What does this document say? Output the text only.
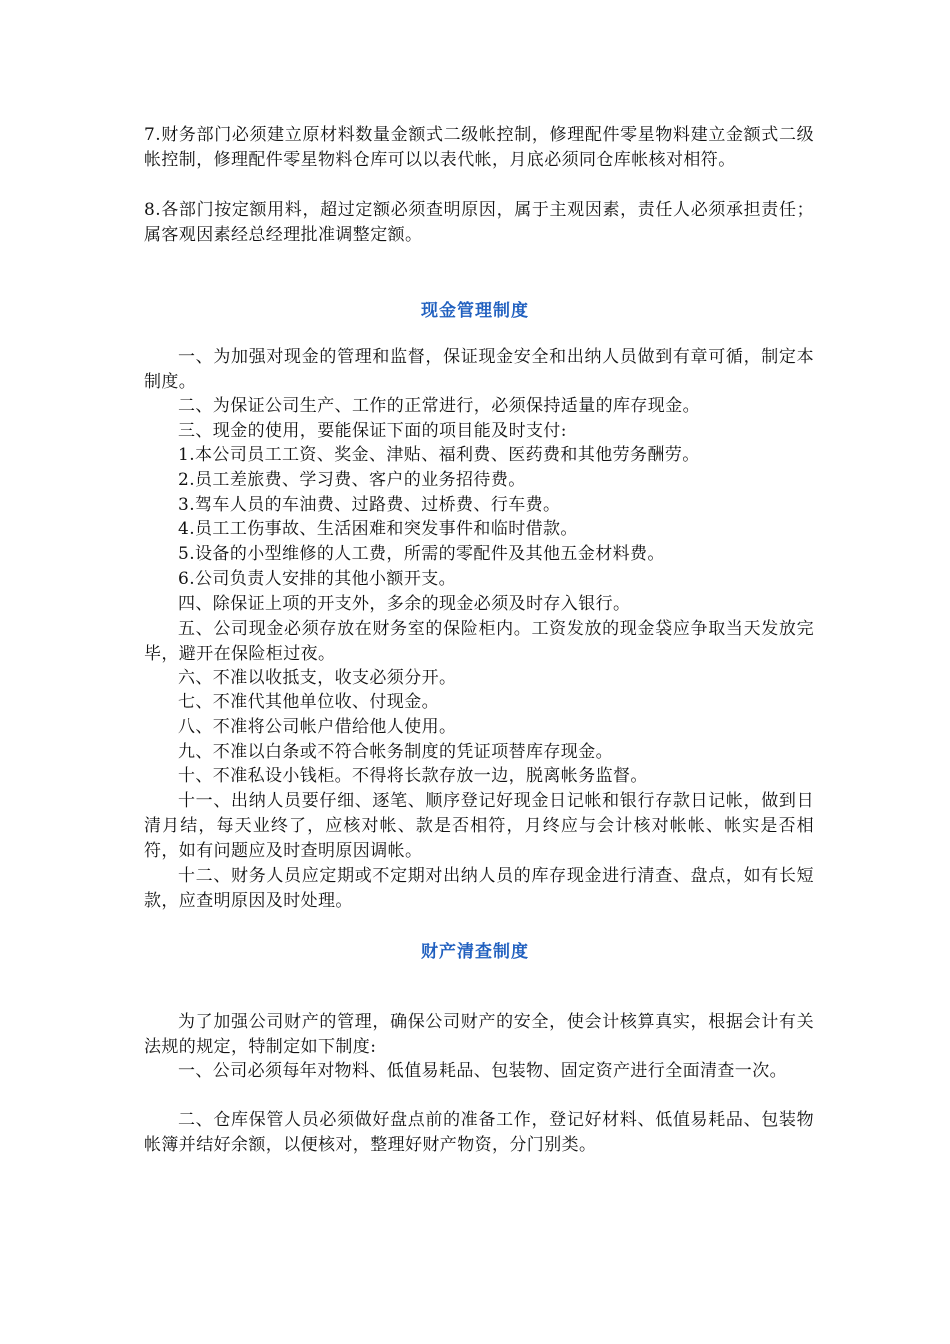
7.财务部门必须建立原材料数量金额式二级帐控制，修理配件零星物料建立金额式二级帐控制，修理配件零星物料仓库可以以表代帐，月底必须同仓库帐核对相符。

8.各部门按定额用料，超过定额必须查明原因，属于主观因素，责任人必须承担责任；属客观因素经总经理批准调整定额。

现金管理制度

一、为加强对现金的管理和监督，保证现金安全和出纳人员做到有章可循，制定本制度。

二、为保证公司生产、工作的正常进行，必须保持适量的库存现金。

三、现金的使用，要能保证下面的项目能及时支付:

1.本公司员工工资、奖金、津贴、福利费、医药费和其他劳务酬劳。

2.员工差旅费、学习费、客户的业务招待费。

3.驾车人员的车油费、过路费、过桥费、行车费。

4.员工工伤事故、生活困难和突发事件和临时借款。

5.设备的小型维修的人工费，所需的零配件及其他五金材料费。

6.公司负责人安排的其他小额开支。

四、除保证上项的开支外，多余的现金必须及时存入银行。

五、公司现金必须存放在财务室的保险柜内。工资发放的现金袋应争取当天发放完毕，避开在保险柜过夜。

六、不准以收抵支，收支必须分开。

七、不准代其他单位收、付现金。

八、不准将公司帐户借给他人使用。

九、不准以白条或不符合帐务制度的凭证项替库存现金。

十、不准私设小钱柜。不得将长款存放一边，脱离帐务监督。

十一、出纳人员要仔细、逐笔、顺序登记好现金日记帐和银行存款日记帐，做到日清月结，每天业终了，应核对帐、款是否相符，月终应与会计核对帐帐、帐实是否相符，如有问题应及时查明原因调帐。

十二、财务人员应定期或不定期对出纳人员的库存现金进行清查、盘点，如有长短款，应查明原因及时处理。

财产清查制度

为了加强公司财产的管理，确保公司财产的安全，使会计核算真实，根据会计有关法规的规定，特制定如下制度:

一、公司必须每年对物料、低值易耗品、包装物、固定资产进行全面清查一次。

二、仓库保管人员必须做好盘点前的准备工作，登记好材料、低值易耗品、包装物帐簿并结好余额，以便核对，整理好财产物资，分门别类。
